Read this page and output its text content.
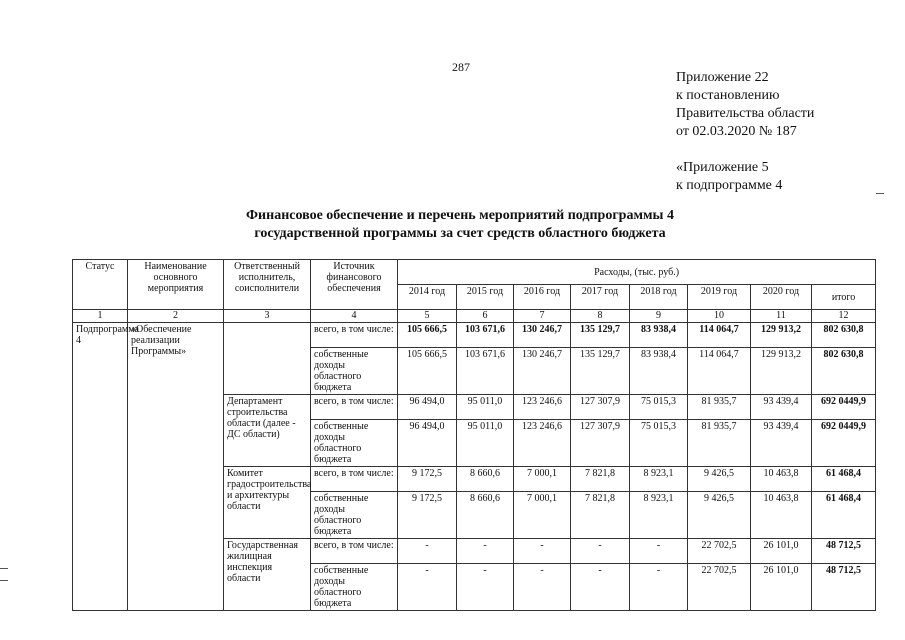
287
Приложение 22
к постановлению
Правительства области
от 02.03.2020 № 187
«Приложение 5
к подпрограмме 4
Финансовое обеспечение и перечень мероприятий подпрограммы 4
государственной программы за счет средств областного бюджета
Статус	Наименование основного мероприятия	Ответственный исполнитель, соисполнители	Источник финансового обеспечения	Расходы, (тыс. руб.)							
				2014 год	2015 год	2016 год	2017 год	2018 год	2019 год	2020 год	итого
1	2	3	4	5	6	7	8	9	10	11	12
Подпрограмма 4	«Обеспечение реализации Программы»		всего, в том числе:	105 666,5	103 671,6	130 246,7	135 129,7	83 938,4	114 064,7	129 913,2	802 630,8
			собственные доходы областного бюджета	105 666,5	103 671,6	130 246,7	135 129,7	83 938,4	114 064,7	129 913,2	802 630,8
		Департамент строительства области (далее - ДС области)	всего, в том числе:	96 494,0	95 011,0	123 246,6	127 307,9	75 015,3	81 935,7	93 439,4	692 0449,9
			собственные доходы областного бюджета	96 494,0	95 011,0	123 246,6	127 307,9	75 015,3	81 935,7	93 439,4	692 0449,9
		Комитет градостроительства и архитектуры области	всего, в том числе:	9 172,5	8 660,6	7 000,1	7 821,8	8 923,1	9 426,5	10 463,8	61 468,4
			собственные доходы областного бюджета	9 172,5	8 660,6	7 000,1	7 821,8	8 923,1	9 426,5	10 463,8	61 468,4
		Государственная жилищная инспекция области	всего, в том числе:	-	-	-	-	-	22 702,5	26 101,0	48 712,5
			собственные доходы областного бюджета	-	-	-	-	-	22 702,5	26 101,0	48 712,5
